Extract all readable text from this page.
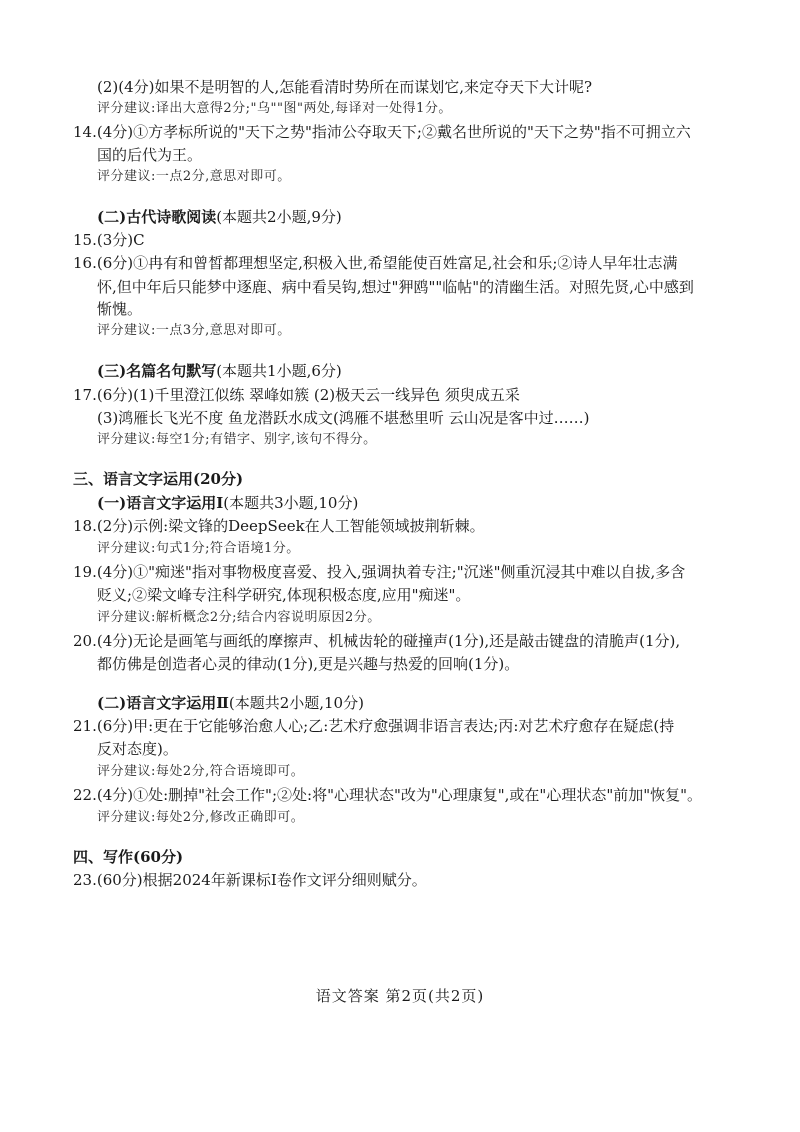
(2)(4分)如果不是明智的人,怎能看清时势所在而谋划它,来定夺天下大计呢?
评分建议:译出大意得2分;"乌""图"两处,每译对一处得1分。
14.(4分)①方孝标所说的"天下之势"指沛公夺取天下;②戴名世所说的"天下之势"指不可拥立六
国的后代为王。
评分建议:一点2分,意思对即可。
(二)古代诗歌阅读(本题共2小题,9分)
15.(3分)C
16.(6分)①冉有和曾皙都理想坚定,积极入世,希望能使百姓富足,社会和乐;②诗人早年壮志满
怀,但中年后只能梦中逐鹿、病中看吴钩,想过"狎鸥""临帖"的清幽生活。对照先贤,心中感到
惭愧。
评分建议:一点3分,意思对即可。
(三)名篇名句默写(本题共1小题,6分)
17.(6分)(1)千里澄江似练 翠峰如簇 (2)极天云一线异色 须臾成五采
(3)鸿雁长飞光不度 鱼龙潜跃水成文(鸿雁不堪愁里听 云山况是客中过……)
评分建议:每空1分;有错字、别字,该句不得分。
三、语言文字运用(20分)
(一)语言文字运用Ⅰ(本题共3小题,10分)
18.(2分)示例:梁文锋的DeepSeek在人工智能领域披荆斩棘。
评分建议:句式1分;符合语境1分。
19.(4分)①"痴迷"指对事物极度喜爱、投入,强调执着专注;"沉迷"侧重沉浸其中难以自拔,多含
贬义;②梁文峰专注科学研究,体现积极态度,应用"痴迷"。
评分建议:解析概念2分;结合内容说明原因2分。
20.(4分)无论是画笔与画纸的摩擦声、机械齿轮的碰撞声(1分),还是敲击键盘的清脆声(1分),
都仿佛是创造者心灵的律动(1分),更是兴趣与热爱的回响(1分)。
(二)语言文字运用Ⅱ(本题共2小题,10分)
21.(6分)甲:更在于它能够治愈人心;乙:艺术疗愈强调非语言表达;丙:对艺术疗愈存在疑虑(持
反对态度)。
评分建议:每处2分,符合语境即可。
22.(4分)①处:删掉"社会工作";②处:将"心理状态"改为"心理康复",或在"心理状态"前加"恢复"。
评分建议:每处2分,修改正确即可。
四、写作(60分)
23.(60分)根据2024年新课标Ⅰ卷作文评分细则赋分。
语文答案 第2页(共2页)
